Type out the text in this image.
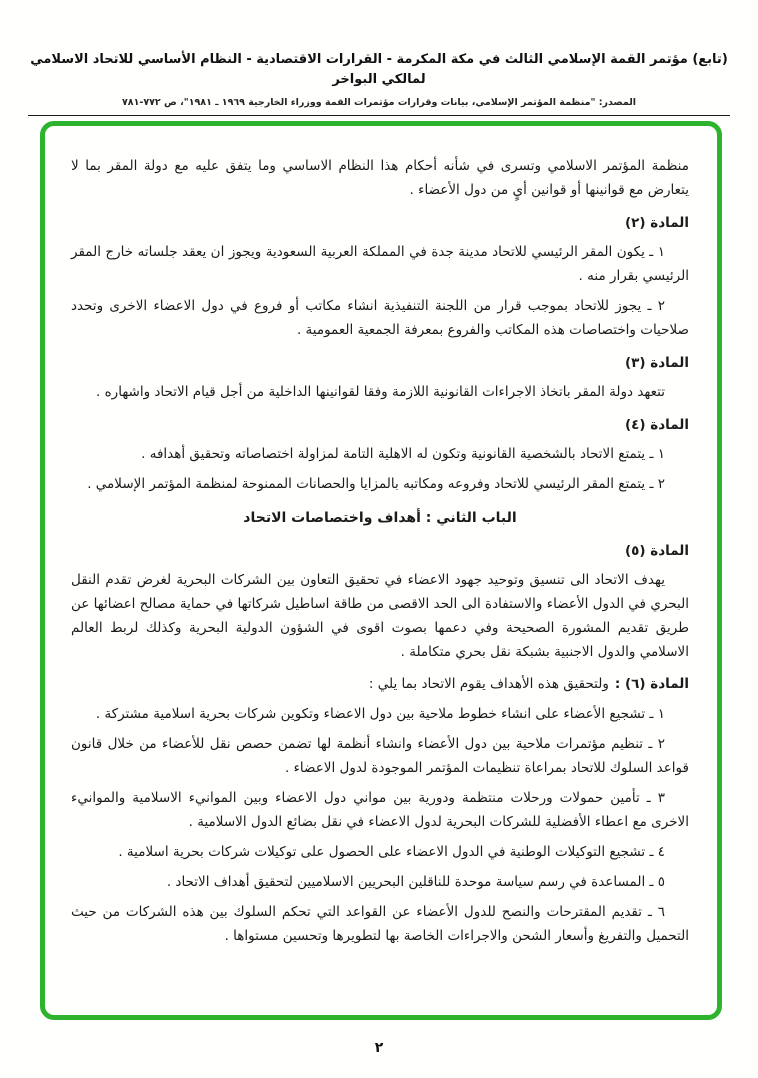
(تابع) مؤتمر القمة الإسلامي الثالث في مكة المكرمة - القرارات الاقتصادية - النظام الأساسي للاتحاد الاسلامي لمالكي البواخر
المصدر: "منظمة المؤتمر الإسلامي، بيانات وقرارات مؤتمرات القمة ووزراء الخارجية ١٩٦٩ ـ ١٩٨١"، ص ٧٧٢-٧٨١
منظمة المؤتمر الاسلامي وتسرى في شأنه أحكام هذا النظام الاساسي وما يتفق عليه مع دولة المقر بما لا يتعارض مع قوانينها أو قوانين أيٍ من دول الأعضاء .
المادة (٢)
١ ـ يكون المقر الرئيسي للاتحاد مدينة جدة في المملكة العربية السعودية ويجوز ان يعقد جلساته خارج المقر الرئيسي بقرار منه .
٢ ـ يجوز للاتحاد بموجب قرار من اللجنة التنفيذية انشاء مكاتب أو فروع في دول الاعضاء الاخرى وتحدد صلاحيات واختصاصات هذه المكاتب والفروع بمعرفة الجمعية العمومية .
المادة (٣)
تتعهد دولة المقر باتخاذ الاجراءات القانونية اللازمة وفقا لقوانينها الداخلية من أجل قيام الاتحاد واشهاره .
المادة (٤)
١ ـ يتمتع الاتحاد بالشخصية القانونية وتكون له الاهلية التامة لمزاولة اختصاصاته وتحقيق أهدافه .
٢ ـ يتمتع المقر الرئيسي للاتحاد وفروعه ومكاتبه بالمزايا والحصانات الممنوحة لمنظمة المؤتمر الإسلامي .
الباب الثاني : أهداف واختصاصات الاتحاد
المادة (٥)
يهدف الاتحاد الى تنسيق وتوحيد جهود الاعضاء في تحقيق التعاون بين الشركات البحرية لغرض تقدم النقل البحري في الدول الأعضاء والاستفادة الى الحد الاقصى من طاقة اساطيل شركاتها في حماية مصالح اعضائها عن طريق تقديم المشورة الصحيحة وفي دعمها بصوت اقوى في الشؤون الدولية البحرية وكذلك لربط العالم الاسلامي والدول الاجنبية بشبكة نقل بحري متكاملة .
المادة (٦) :ولتحقيق هذه الأهداف يقوم الاتحاد بما يلي :
١ ـ تشجيع الأعضاء على انشاء خطوط ملاحية بين دول الاعضاء وتكوين شركات بحرية اسلامية مشتركة .
٢ ـ تنظيم مؤتمرات ملاحية بين دول الأعضاء وانشاء أنظمة لها تضمن حصص نقل للأعضاء من خلال قانون قواعد السلوك للاتحاد بمراعاة تنظيمات المؤتمر الموجودة لدول الاعضاء .
٣ ـ تأمين حمولات ورحلات منتظمة ودورية بين مواني دول الاعضاء وبين الموانيء الاسلامية والموانيء الاخرى مع اعطاء الأفضلية للشركات البحرية لدول الاعضاء في نقل بضائع الدول الاسلامية .
٤ ـ تشجيع التوكيلات الوطنية في الدول الاعضاء على الحصول على توكيلات شركات بحرية اسلامية .
٥ ـ المساعدة في رسم سياسة موحدة للناقلين البحريين الاسلاميين لتحقيق أهداف الاتحاد .
٦ ـ تقديم المقترحات والنصح للدول الأعضاء عن القواعد التي تحكم السلوك بين هذه الشركات من حيث التحميل والتفريغ وأسعار الشحن والاجراءات الخاصة بها لتطويرها وتحسين مستواها .
٢
